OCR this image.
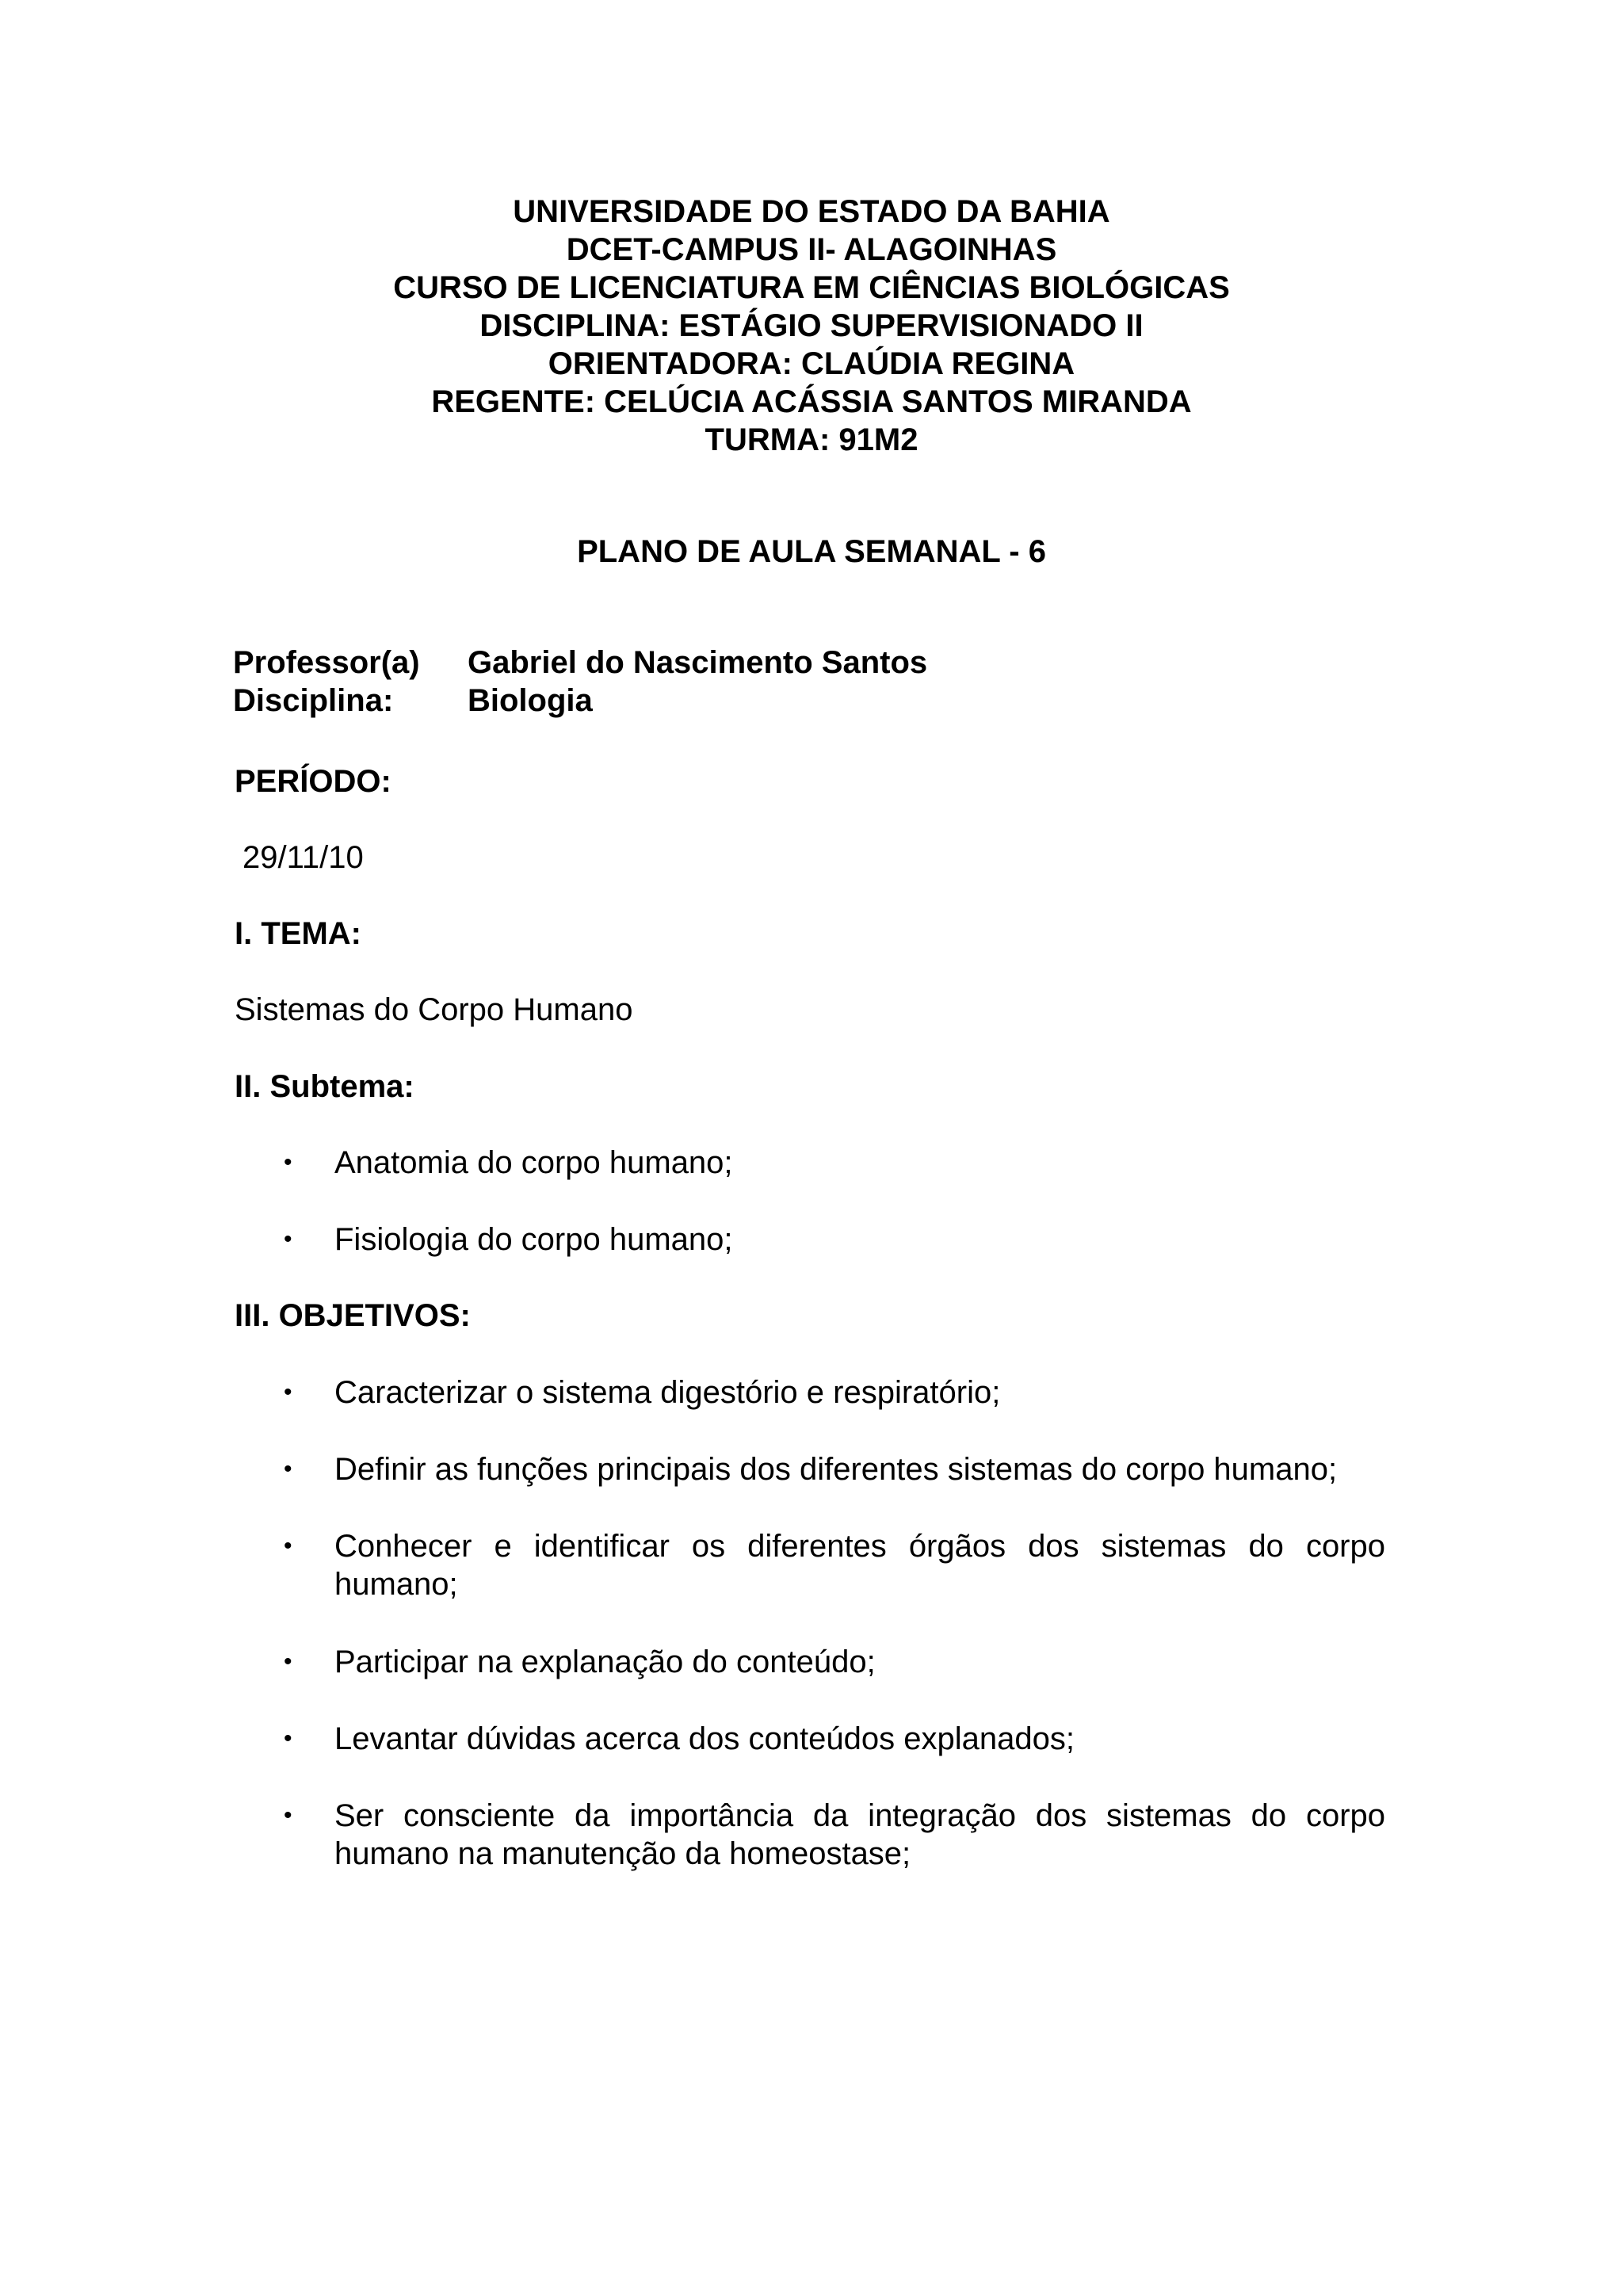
UNIVERSIDADE DO ESTADO DA BAHIA
DCET-CAMPUS II- ALAGOINHAS
CURSO DE LICENCIATURA EM CIÊNCIAS BIOLÓGICAS
DISCIPLINA: ESTÁGIO SUPERVISIONADO II
ORIENTADORA: CLAÚDIA REGINA
REGENTE: CELÚCIA ACÁSSIA SANTOS MIRANDA
TURMA: 91M2
PLANO DE AULA SEMANAL - 6
Professor(a)	Gabriel do Nascimento Santos
Disciplina:	Biologia
PERÍODO:
29/11/10
I. TEMA:
Sistemas do Corpo Humano
II. Subtema:
•	Anatomia do corpo humano;
•	Fisiologia do corpo humano;
III. OBJETIVOS:
•	Caracterizar o sistema digestório e respiratório;
•	Definir as funções principais dos diferentes sistemas do corpo humano;
•	Conhecer e identificar os diferentes órgãos dos sistemas do corpo humano;
•	Participar na explanação do conteúdo;
•	Levantar dúvidas acerca dos conteúdos explanados;
•	Ser consciente da importância da integração dos sistemas do corpo humano na manutenção da homeostase;
